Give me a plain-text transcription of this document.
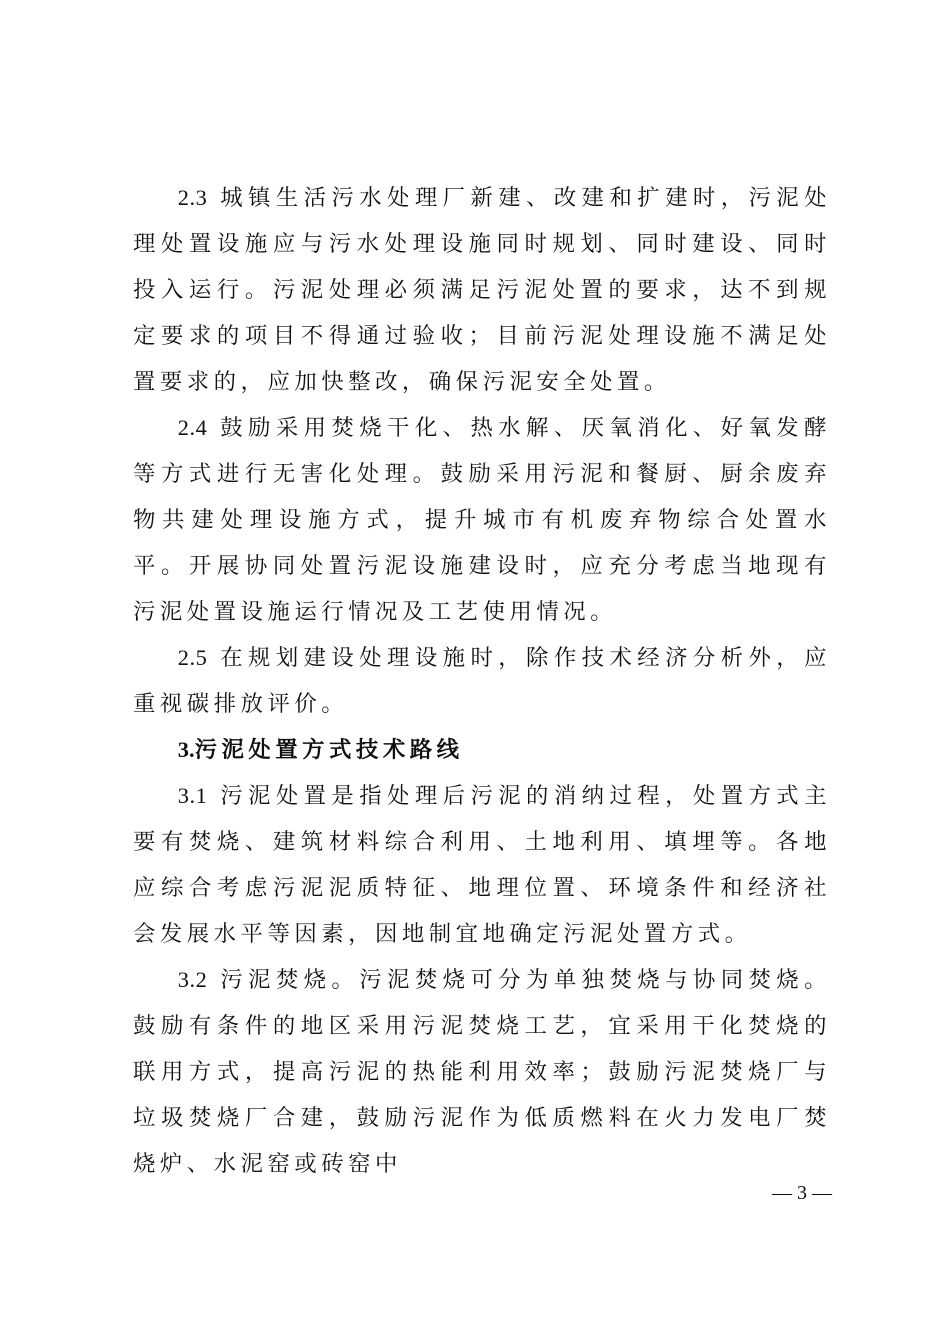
2.3 城镇生活污水处理厂新建、改建和扩建时，污泥处理处置设施应与污水处理设施同时规划、同时建设、同时投入运行。污泥处理必须满足污泥处置的要求，达不到规定要求的项目不得通过验收；目前污泥处理设施不满足处置要求的，应加快整改，确保污泥安全处置。

2.4 鼓励采用焚烧干化、热水解、厌氧消化、好氧发酵等方式进行无害化处理。鼓励采用污泥和餐厨、厨余废弃物共建处理设施方式，提升城市有机废弃物综合处置水平。开展协同处置污泥设施建设时，应充分考虑当地现有污泥处置设施运行情况及工艺使用情况。

2.5 在规划建设处理设施时，除作技术经济分析外，应重视碳排放评价。

3.污泥处置方式技术路线

3.1 污泥处置是指处理后污泥的消纳过程，处置方式主要有焚烧、建筑材料综合利用、土地利用、填埋等。各地应综合考虑污泥泥质特征、地理位置、环境条件和经济社会发展水平等因素，因地制宜地确定污泥处置方式。

3.2 污泥焚烧。污泥焚烧可分为单独焚烧与协同焚烧。鼓励有条件的地区采用污泥焚烧工艺，宜采用干化焚烧的联用方式，提高污泥的热能利用效率；鼓励污泥焚烧厂与垃圾焚烧厂合建，鼓励污泥作为低质燃料在火力发电厂焚烧炉、水泥窑或砖窑中

— 3 —
